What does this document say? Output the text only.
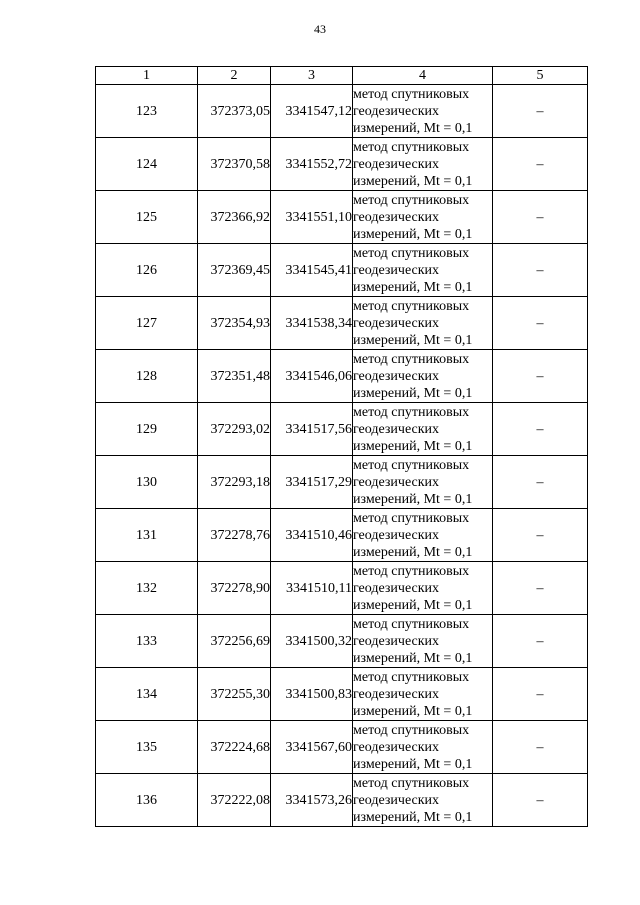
43
1	2	3	4	5
123	372373,05	3341547,12	метод спутниковых
геодезических
измерений, Mt = 0,1	–
124	372370,58	3341552,72	метод спутниковых
геодезических
измерений, Mt = 0,1	–
125	372366,92	3341551,10	метод спутниковых
геодезических
измерений, Mt = 0,1	–
126	372369,45	3341545,41	метод спутниковых
геодезических
измерений, Mt = 0,1	–
127	372354,93	3341538,34	метод спутниковых
геодезических
измерений, Mt = 0,1	–
128	372351,48	3341546,06	метод спутниковых
геодезических
измерений, Mt = 0,1	–
129	372293,02	3341517,56	метод спутниковых
геодезических
измерений, Mt = 0,1	–
130	372293,18	3341517,29	метод спутниковых
геодезических
измерений, Mt = 0,1	–
131	372278,76	3341510,46	метод спутниковых
геодезических
измерений, Mt = 0,1	–
132	372278,90	3341510,11	метод спутниковых
геодезических
измерений, Mt = 0,1	–
133	372256,69	3341500,32	метод спутниковых
геодезических
измерений, Mt = 0,1	–
134	372255,30	3341500,83	метод спутниковых
геодезических
измерений, Mt = 0,1	–
135	372224,68	3341567,60	метод спутниковых
геодезических
измерений, Mt = 0,1	–
136	372222,08	3341573,26	метод спутниковых
геодезических
измерений, Mt = 0,1	–
